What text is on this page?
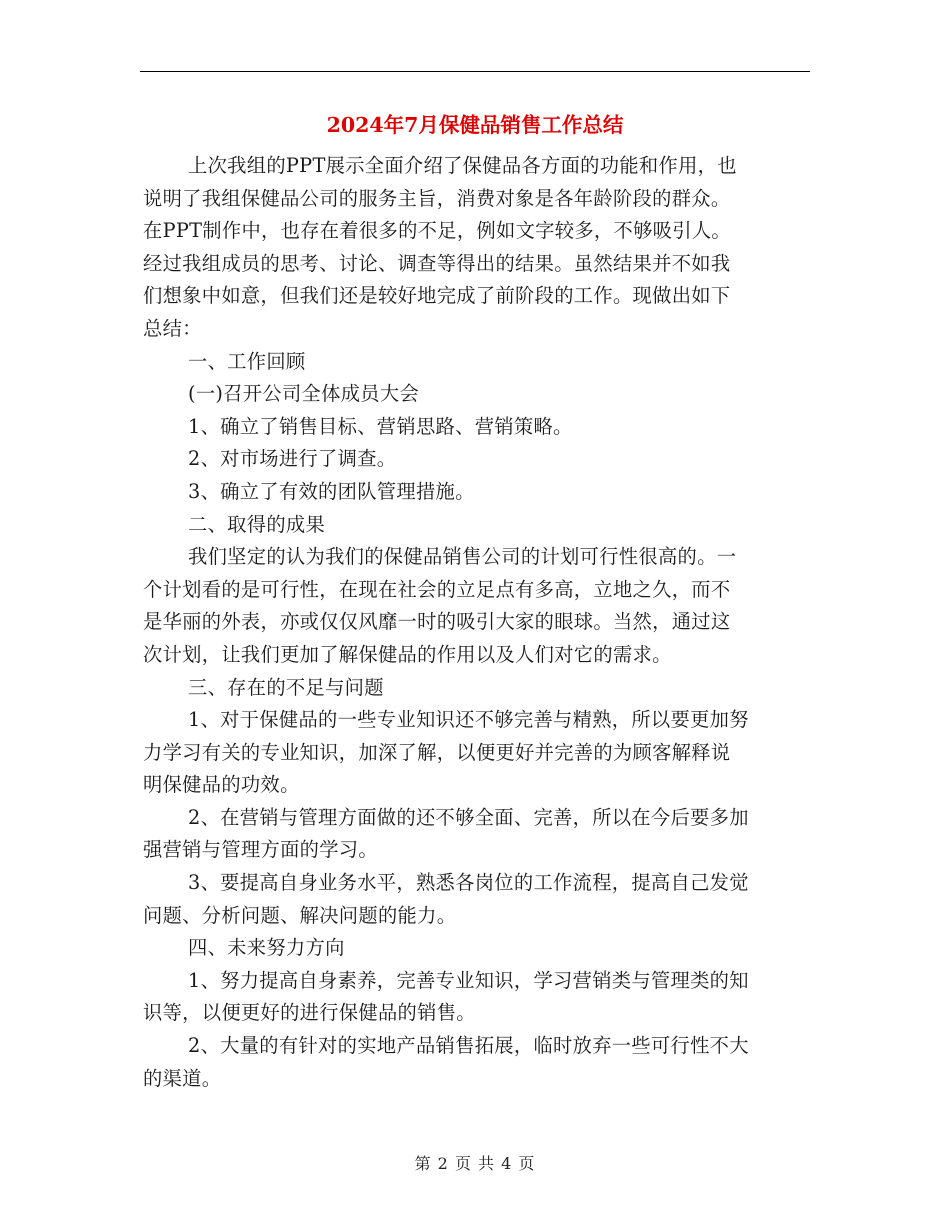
2024年7月保健品销售工作总结

上次我组的PPT展示全面介绍了保健品各方面的功能和作用，也

说明了我组保健品公司的服务主旨，消费对象是各年龄阶段的群众。

在PPT制作中，也存在着很多的不足，例如文字较多，不够吸引人。

经过我组成员的思考、讨论、调查等得出的结果。虽然结果并不如我

们想象中如意，但我们还是较好地完成了前阶段的工作。现做出如下

总结：

一、工作回顾

(一)召开公司全体成员大会

1、确立了销售目标、营销思路、营销策略。

2、对市场进行了调查。

3、确立了有效的团队管理措施。

二、取得的成果

我们坚定的认为我们的保健品销售公司的计划可行性很高的。一

个计划看的是可行性，在现在社会的立足点有多高，立地之久，而不

是华丽的外表，亦或仅仅风靡一时的吸引大家的眼球。当然，通过这

次计划，让我们更加了解保健品的作用以及人们对它的需求。

三、存在的不足与问题

1、对于保健品的一些专业知识还不够完善与精熟，所以要更加努

力学习有关的专业知识，加深了解，以便更好并完善的为顾客解释说

明保健品的功效。

2、在营销与管理方面做的还不够全面、完善，所以在今后要多加

强营销与管理方面的学习。

3、要提高自身业务水平，熟悉各岗位的工作流程，提高自己发觉

问题、分析问题、解决问题的能力。

四、未来努力方向

1、努力提高自身素养，完善专业知识，学习营销类与管理类的知

识等，以便更好的进行保健品的销售。

2、大量的有针对的实地产品销售拓展，临时放弃一些可行性不大

的渠道。

第 2 页 共 4 页
